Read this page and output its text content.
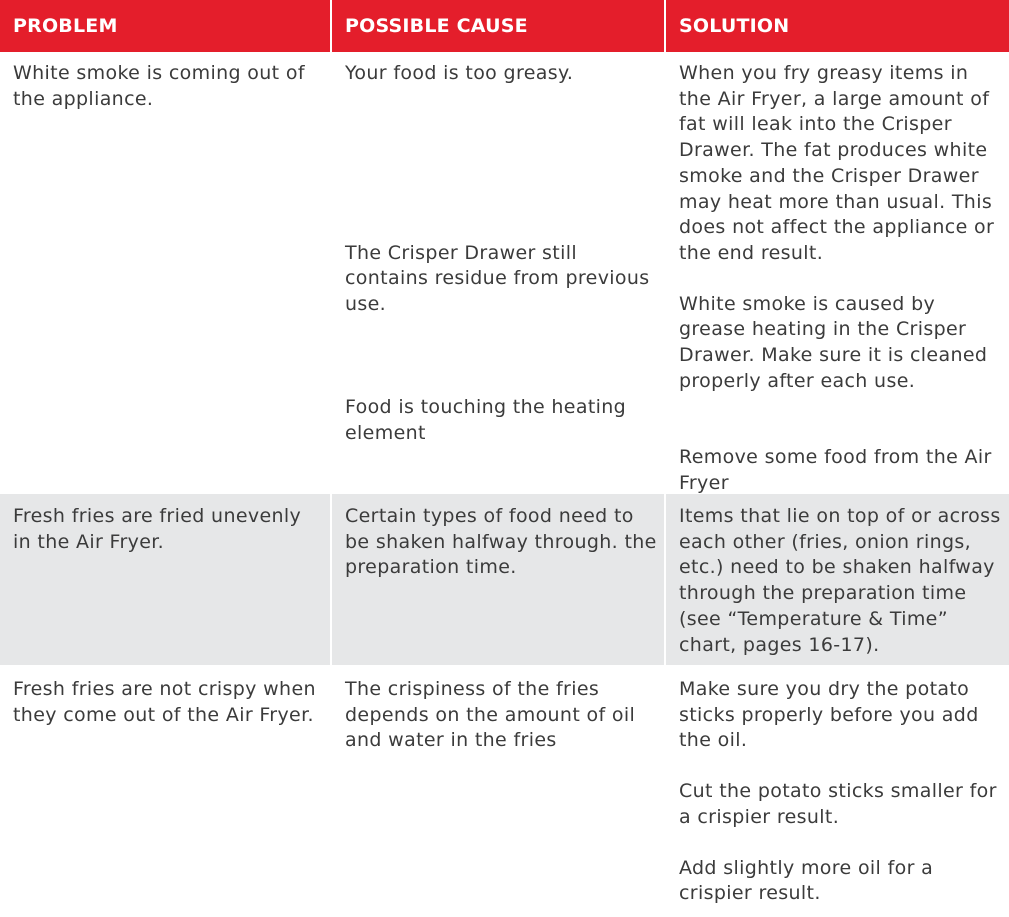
PROBLEM	POSSIBLE CAUSE	SOLUTION

White smoke is coming out of the appliance.

Your food is too greasy.

The Crisper Drawer still contains residue from previous use.

Food is touching the heating element

When you fry greasy items in the Air Fryer, a large amount of fat will leak into the Crisper Drawer. The fat produces white smoke and the Crisper Drawer may heat more than usual. This does not affect the appliance or the end result.

White smoke is caused by grease heating in the Crisper Drawer. Make sure it is cleaned properly after each use.

Remove some food from the Air Fryer

Fresh fries are fried unevenly in the Air Fryer.

Certain types of food need to be shaken halfway through. the preparation time.

Items that lie on top of or across each other (fries, onion rings, etc.) need to be shaken halfway through the preparation time (see “Temperature & Time” chart, pages 16-17).

Fresh fries are not crispy when they come out of the Air Fryer.

The crispiness of the fries depends on the amount of oil and water in the fries

Make sure you dry the potato sticks properly before you add the oil.

Cut the potato sticks smaller for a crispier result.

Add slightly more oil for a crispier result.
